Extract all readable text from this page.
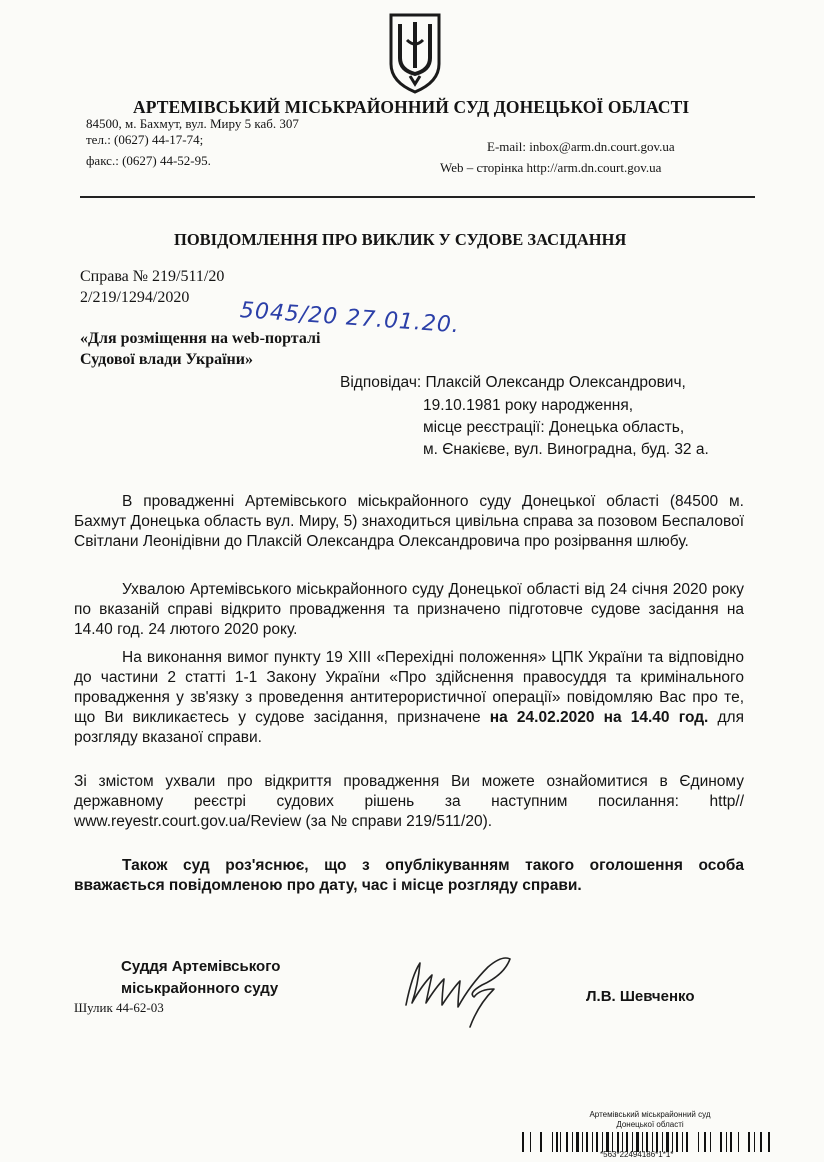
АРТЕМІВСЬКИЙ МІСЬКРАЙОННИЙ СУД ДОНЕЦЬКОЇ ОБЛАСТІ
84500, м. Бахмут, вул. Миру 5 каб. 307
тел.: (0627) 44-17-74;
факс.: (0627) 44-52-95.
E-mail: inbox@arm.dn.court.gov.ua
Web – сторінка http://arm.dn.court.gov.ua
ПОВІДОМЛЕННЯ ПРО ВИКЛИК У СУДОВЕ ЗАСІДАННЯ
Справа № 219/511/20
2/219/1294/2020
5045/20 27.01.20.
«Для розміщення на web-порталі
Судової влади України»
Відповідач: Плаксій Олександр Олександрович,
19.10.1981 року народження,
місце реєстрації: Донецька область,
м. Єнакієве, вул. Виноградна, буд. 32 а.
В провадженні Артемівського міськрайонного суду Донецької області (84500 м. Бахмут Донецька область вул. Миру, 5) знаходиться цивільна справа за позовом Беспалової Світлани Леонідівни до Плаксій Олександра Олександровича про розірвання шлюбу.
Ухвалою Артемівського міськрайонного суду Донецької області від 24 січня 2020 року по вказаній справі відкрито провадження та призначено підготовче судове засідання на 14.40 год. 24 лютого 2020 року.
На виконання вимог пункту 19 XIII «Перехідні положення» ЦПК України та відповідно до частини 2 статті 1-1 Закону України «Про здійснення правосуддя та кримінального провадження у зв'язку з проведення антитерористичної операції» повідомляю Вас про те, що Ви викликаєтесь у судове засідання, призначене на 24.02.2020 на 14.40 год. для розгляду вказаної справи.
Зі змістом ухвали про відкриття провадження Ви можете ознайомитися в Єдиному державному реєстрі судових рішень за наступним посилання: http// www.reyestr.court.gov.ua/Review (за № справи 219/511/20).
Також суд роз'яснює, що з опублікуванням такого оголошення особа вважається повідомленою про дату, час і місце розгляду справи.
Суддя Артемівського
міськрайонного суду
Шулик 44-62-03
Л.В. Шевченко
Артемівський міськрайонний суд
Донецької області
*563*22494186*1*1*
